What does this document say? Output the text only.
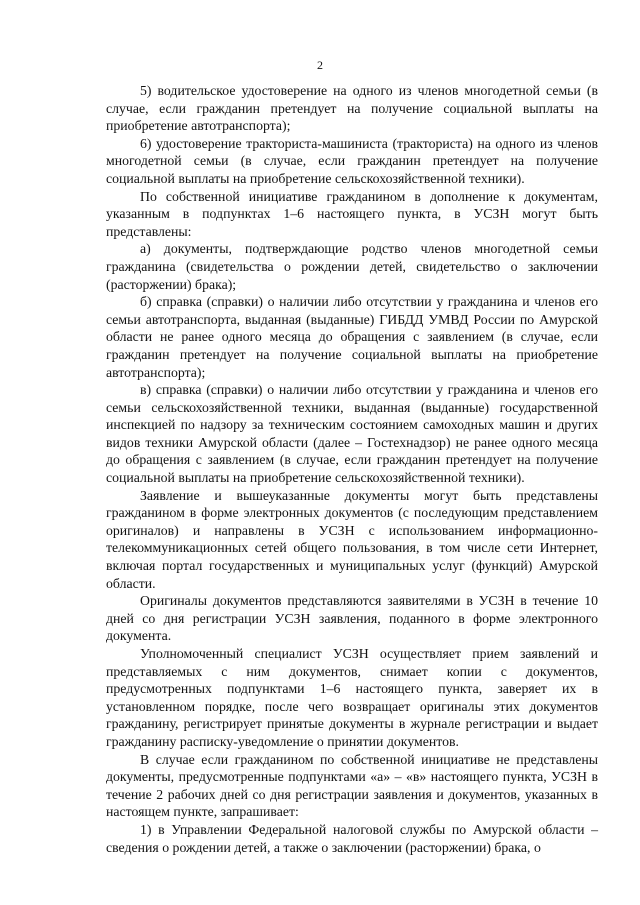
2

5) водительское удостоверение на одного из членов многодетной семьи (в случае, если гражданин претендует на получение социальной выплаты на приобретение автотранспорта);

6) удостоверение тракториста-машиниста (тракториста) на одного из членов многодетной семьи (в случае, если гражданин претендует на получение социальной выплаты на приобретение сельскохозяйственной техники).

По собственной инициативе гражданином в дополнение к документам, указанным в подпунктах 1–6 настоящего пункта, в УСЗН могут быть представлены:

а) документы, подтверждающие родство членов многодетной семьи гражданина (свидетельства о рождении детей, свидетельство о заключении (расторжении) брака);

б) справка (справки) о наличии либо отсутствии у гражданина и членов его семьи автотранспорта, выданная (выданные) ГИБДД УМВД России по Амурской области не ранее одного месяца до обращения с заявлением (в случае, если гражданин претендует на получение социальной выплаты на приобретение автотранспорта);

в) справка (справки) о наличии либо отсутствии у гражданина и членов его семьи сельскохозяйственной техники, выданная (выданные) государственной инспекцией по надзору за техническим состоянием самоходных машин и других видов техники Амурской области (далее – Гостехнадзор) не ранее одного месяца до обращения с заявлением (в случае, если гражданин претендует на получение социальной выплаты на приобретение сельскохозяйственной техники).

Заявление и вышеуказанные документы могут быть представлены гражданином в форме электронных документов (с последующим представлением оригиналов) и направлены в УСЗН с использованием информационно-телекоммуникационных сетей общего пользования, в том числе сети Интернет, включая портал государственных и муниципальных услуг (функций) Амурской области.

Оригиналы документов представляются заявителями в УСЗН в течение 10 дней со дня регистрации УСЗН заявления, поданного в форме электронного документа.

Уполномоченный специалист УСЗН осуществляет прием заявлений и представляемых с ним документов, снимает копии с документов, предусмотренных подпунктами 1–6 настоящего пункта, заверяет их в установленном порядке, после чего возвращает оригиналы этих документов гражданину, регистрирует принятые документы в журнале регистрации и выдает гражданину расписку-уведомление о принятии документов.

В случае если гражданином по собственной инициативе не представлены документы, предусмотренные подпунктами «а» – «в» настоящего пункта, УСЗН в течение 2 рабочих дней со дня регистрации заявления и документов, указанных в настоящем пункте, запрашивает:

1) в Управлении Федеральной налоговой службы по Амурской области – сведения о рождении детей, а также о заключении (расторжении) брака, о
